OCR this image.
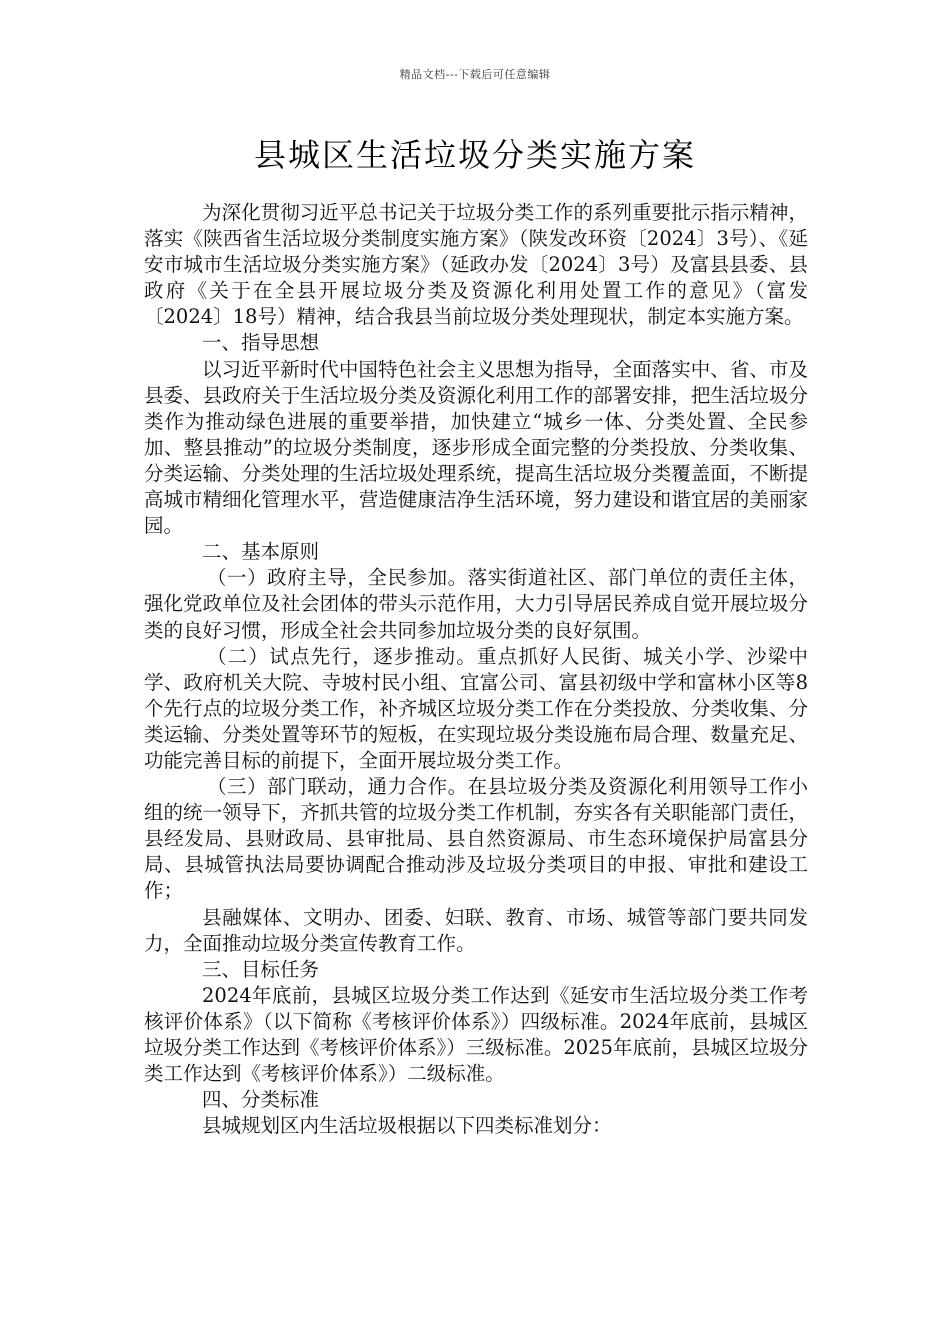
精品文档---下载后可任意编辑
县城区生活垃圾分类实施方案

为深化贯彻习近平总书记关于垃圾分类工作的系列重要批示指示精神，落实《陕西省生活垃圾分类制度实施方案》（陕发改环资〔2024〕3号）、《延安市城市生活垃圾分类实施方案》（延政办发〔2024〕3号）及富县县委、县政府《关于在全县开展垃圾分类及资源化利用处置工作的意见》（富发〔2024〕18号）精神，结合我县当前垃圾分类处理现状，制定本实施方案。

一、指导思想

以习近平新时代中国特色社会主义思想为指导，全面落实中、省、市及县委、县政府关于生活垃圾分类及资源化利用工作的部署安排，把生活垃圾分类作为推动绿色进展的重要举措，加快建立“城乡一体、分类处置、全民参加、整县推动”的垃圾分类制度，逐步形成全面完整的分类投放、分类收集、分类运输、分类处理的生活垃圾处理系统，提高生活垃圾分类覆盖面，不断提高城市精细化管理水平，营造健康洁净生活环境，努力建设和谐宜居的美丽家园。

二、基本原则

（一）政府主导，全民参加。落实街道社区、部门单位的责任主体，强化党政单位及社会团体的带头示范作用，大力引导居民养成自觉开展垃圾分类的良好习惯，形成全社会共同参加垃圾分类的良好氛围。

（二）试点先行，逐步推动。重点抓好人民街、城关小学、沙梁中学、政府机关大院、寺坡村民小组、宜富公司、富县初级中学和富林小区等8个先行点的垃圾分类工作，补齐城区垃圾分类工作在分类投放、分类收集、分类运输、分类处置等环节的短板，在实现垃圾分类设施布局合理、数量充足、功能完善目标的前提下，全面开展垃圾分类工作。

（三）部门联动，通力合作。在县垃圾分类及资源化利用领导工作小组的统一领导下，齐抓共管的垃圾分类工作机制，夯实各有关职能部门责任，县经发局、县财政局、县审批局、县自然资源局、市生态环境保护局富县分局、县城管执法局要协调配合推动涉及垃圾分类项目的申报、审批和建设工作；

县融媒体、文明办、团委、妇联、教育、市场、城管等部门要共同发力，全面推动垃圾分类宣传教育工作。

三、目标任务

2024年底前，县城区垃圾分类工作达到《延安市生活垃圾分类工作考核评价体系》（以下简称《考核评价体系》）四级标准。2024年底前，县城区垃圾分类工作达到《考核评价体系》）三级标准。2025年底前，县城区垃圾分类工作达到《考核评价体系》）二级标准。

四、分类标准

县城规划区内生活垃圾根据以下四类标准划分：
